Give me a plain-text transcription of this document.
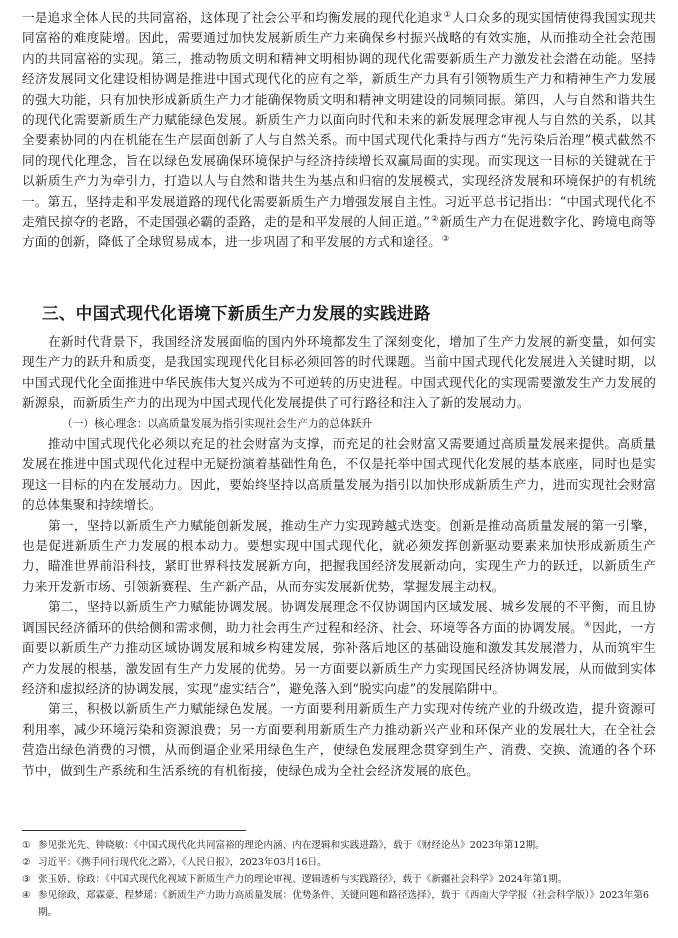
一是追求全体人民的共同富裕，这体现了社会公平和均衡发展的现代化追求①人口众多的现实国情使得我国实现共同富裕的难度陡增。因此，需要通过加快发展新质生产力来确保乡村振兴战略的有效实施，从而推动全社会范围内的共同富裕的实现。第三，推动物质文明和精神文明相协调的现代化需要新质生产力激发社会潜在动能。坚持经济发展同文化建设相协调是推进中国式现代化的应有之举，新质生产力具有引领物质生产力和精神生产力发展的强大功能，只有加快形成新质生产力才能确保物质文明和精神文明建设的同频同振。第四，人与自然和谐共生的现代化需要新质生产力赋能绿色发展。新质生产力以面向时代和未来的新发展理念审视人与自然的关系，以其全要素协同的内在机能在生产层面创新了人与自然关系。而中国式现代化秉持与西方“先污染后治理”模式截然不同的现代化理念，旨在以绿色发展确保环境保护与经济持续增长双赢局面的实现。而实现这一目标的关键就在于以新质生产力为牵引力，打造以人与自然和谐共生为基点和归宿的发展模式，实现经济发展和环境保护的有机统一。第五，坚持走和平发展道路的现代化需要新质生产力增强发展自主性。习近平总书记指出：“中国式现代化不走殖民掠夺的老路，不走国强必霸的歪路，走的是和平发展的人间正道。”②新质生产力在促进数字化、跨境电商等方面的创新，降低了全球贸易成本，进一步巩固了和平发展的方式和途径。③

三、中国式现代化语境下新质生产力发展的实践进路

在新时代背景下，我国经济发展面临的国内外环境都发生了深刻变化，增加了生产力发展的新变量，如何实现生产力的跃升和质变，是我国实现现代化目标必须回答的时代课题。当前中国式现代化发展进入关键时期，以中国式现代化全面推进中华民族伟大复兴成为不可逆转的历史进程。中国式现代化的实现需要激发生产力发展的新源泉，而新质生产力的出现为中国式现代化发展提供了可行路径和注入了新的发展动力。

（一）核心理念：以高质量发展为指引实现社会生产力的总体跃升

推动中国式现代化必须以充足的社会财富为支撑，而充足的社会财富又需要通过高质量发展来提供。高质量发展在推进中国式现代化过程中无疑扮演着基础性角色，不仅是托举中国式现代化发展的基本底座，同时也是实现这一目标的内在发展动力。因此，要始终坚持以高质量发展为指引以加快形成新质生产力，进而实现社会财富的总体集聚和持续增长。

第一，坚持以新质生产力赋能创新发展，推动生产力实现跨越式迭变。创新是推动高质量发展的第一引擎，也是促进新质生产力发展的根本动力。要想实现中国式现代化，就必须发挥创新驱动要素来加快形成新质生产力，瞄准世界前沿科技，紧盯世界科技发展新方向，把握我国经济发展新动向，实现生产力的跃迁，以新质生产力来开发新市场、引领新赛程、生产新产品，从而夯实发展新优势，掌握发展主动权。

第二，坚持以新质生产力赋能协调发展。协调发展理念不仅协调国内区域发展、城乡发展的不平衡，而且协调国民经济循环的供给侧和需求侧，助力社会再生产过程和经济、社会、环境等各方面的协调发展。④因此，一方面要以新质生产力推动区域协调发展和城乡构建发展，弥补落后地区的基础设施和激发其发展潜力，从而筑牢生产力发展的根基，激发固有生产力发展的优势。另一方面要以新质生产力实现国民经济协调发展，从而做到实体经济和虚拟经济的协调发展，实现“虚实结合”，避免落入到“脱实向虚”的发展陷阱中。

第三，积极以新质生产力赋能绿色发展。一方面要利用新质生产力实现对传统产业的升级改造，提升资源可利用率，减少环境污染和资源浪费；另一方面要利用新质生产力推动新兴产业和环保产业的发展壮大，在全社会营造出绿色消费的习惯，从而倒逼企业采用绿色生产，使绿色发展理念贯穿到生产、消费、交换、流通的各个环节中，做到生产系统和生活系统的有机衔接，使绿色成为全社会经济发展的底色。

① 参见张光先、钟晓敏：《中国式现代化共同富裕的理论内涵、内在逻辑和实践进路》，载于《财经论丛》2023年第12期。
② 习近平：《携手同行现代化之路》，《人民日报》，2023年03月16日。
③ 张玉娇、徐政：《中国式现代化视域下新质生产力的理论审视、逻辑透析与实践路径》，载于《新疆社会科学》2024年第1期。
④ 参见徐政、郑霖豪、程梦瑶：《新质生产力助力高质量发展：优势条件、关键问题和路径选择》，载于《西南大学学报（社会科学版）》2023年第6期。
